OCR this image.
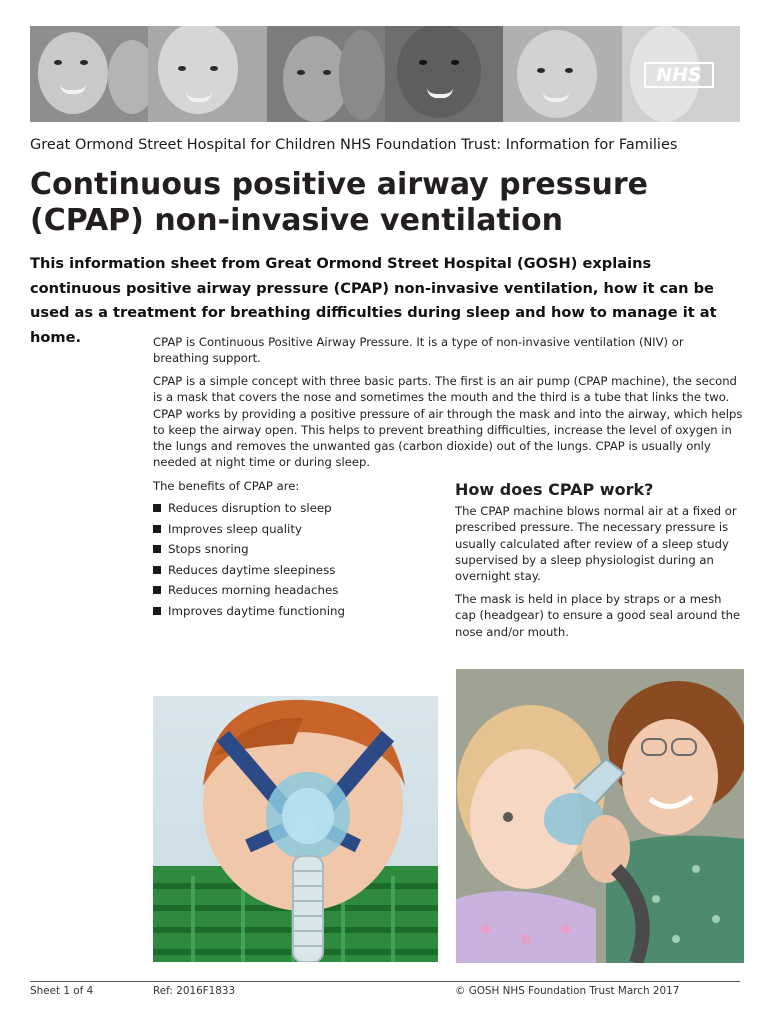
NHS
Great Ormond Street Hospital for Children NHS Foundation Trust: Information for Families
Continuous positive airway pressure (CPAP) non-invasive ventilation

This information sheet from Great Ormond Street Hospital (GOSH) explains continuous positive airway pressure (CPAP) non-invasive ventilation, how it can be used as a treatment for breathing difficulties during sleep and how to manage it at home.	CPAP is Continuous Positive Airway Pressure. It is a type of non-invasive ventilation (NIV) or breathing support.

CPAP is a simple concept with three basic parts. The first is an air pump (CPAP machine), the second is a mask that covers the nose and sometimes the mouth and the third is a tube that links the two. CPAP works by providing a positive pressure of air through the mask and into the airway, which helps to keep the airway open. This helps to prevent breathing difficulties, increase the level of oxygen in the lungs and removes the unwanted gas (carbon dioxide) out of the lungs. CPAP is usually only needed at night time or during sleep.

The benefits of CPAP are:

Reduces disruption to sleep
Improves sleep quality
Stops snoring
Reduces daytime sleepiness
Reduces morning headaches
Improves daytime functioning
How does CPAP work?

The CPAP machine blows normal air at a fixed or prescribed pressure. The necessary pressure is usually calculated after review of a sleep study supervised by a sleep physiologist during an overnight stay.

The mask is held in place by straps or a mesh cap (headgear) to ensure a good seal around the nose and/or mouth.

Sheet 1 of 4	Ref: 2016F1833	© GOSH NHS Foundation Trust March 2017
